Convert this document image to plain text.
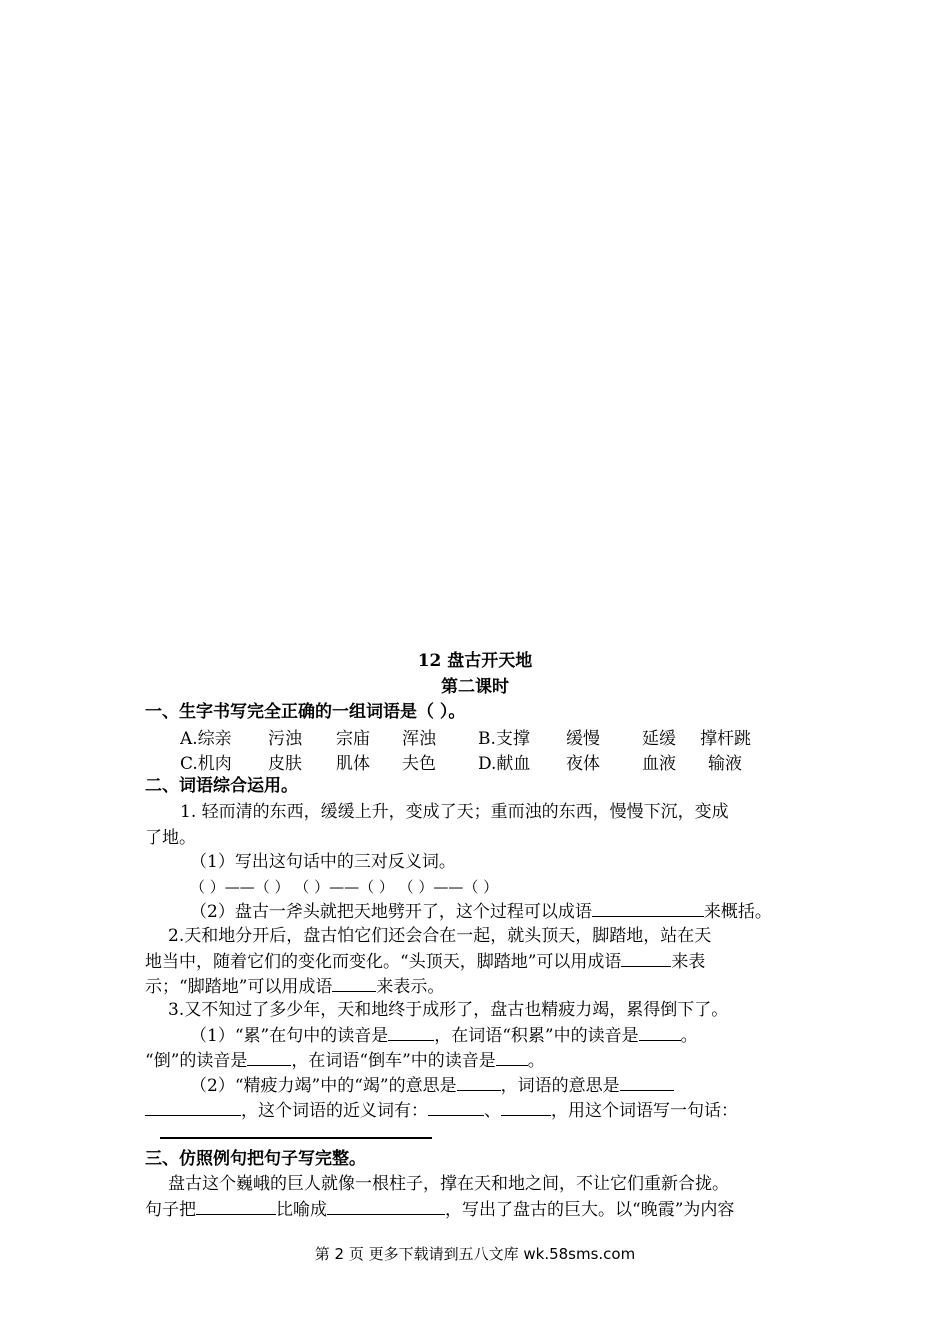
12 盘古开天地
第二课时
一、生字书写完全正确的一组词语是（ ）。
A.综亲 污浊 宗庙 浑浊 B.支撑 缓慢 延缓 撑杆跳
C.机肉 皮肤 肌体 夫色 D.献血 夜体 血液 输液
二、词语综合运用。
1. 轻而清的东西，缓缓上升，变成了天；重而浊的东西，慢慢下沉，变成
了地。
（1）写出这句话中的三对反义词。
（ ）——（ ） （ ）——（ ） （ ）——（ ）
（2）盘古一斧头就把天地劈开了，这个过程可以成语	来概括。
2.天和地分开后，盘古怕它们还会合在一起，就头顶天，脚踏地，站在天
地当中，随着它们的变化而变化。“头顶天，脚踏地”可以用成语	来表
示；“脚踏地”可以用成语	来表示。
3.又不知过了多少年，天和地终于成形了，盘古也精疲力竭，累得倒下了。
（1）“累”在句中的读音是	，在词语“积累”中的读音是 。
“倒”的读音是	，在词语“倒车”中的读音是 。
（2）“精疲力竭”中的“竭”的意思是	，词语的意思是
，这个词语的近义词有：	、	，用这个词语写一句话：
三、仿照例句把句子写完整。
盘古这个巍峨的巨人就像一根柱子，撑在天和地之间，不让它们重新合拢。
句子把	比喻成	，写出了盘古的巨大。以“晚霞”为内容
第 2 页 更多下载请到五八文库 wk.58sms.com
